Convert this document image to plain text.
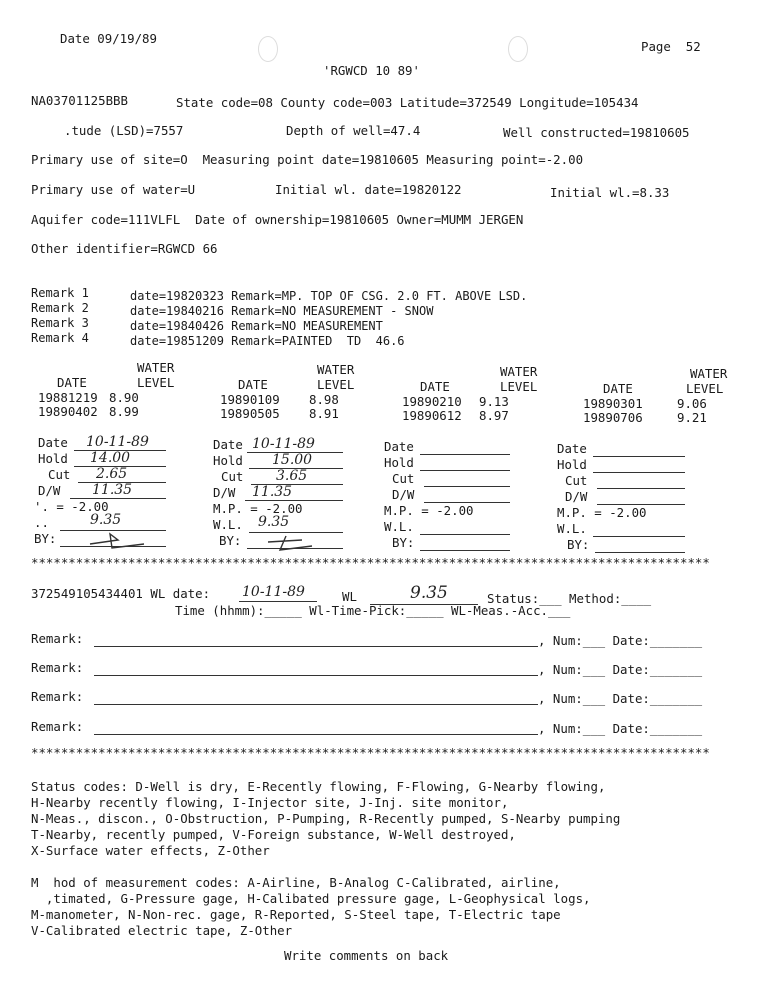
Date 09/19/89
Page  52
'RGWCD 10 89'
NA03701125BBB	State code=08 County code=003 Latitude=372549 Longitude=105434
.tude (LSD)=7557	Depth of well=47.4	Well constructed=19810605
Primary use of site=O  Measuring point date=19810605 Measuring point=-2.00
Primary use of water=U	Initial wl. date=19820122	Initial wl.=8.33
Aquifer code=111VLFL  Date of ownership=19810605 Owner=MUMM JERGEN
Other identifier=RGWCD 66
Remark 1	date=19820323 Remark=MP. TOP OF CSG. 2.0 FT. ABOVE LSD.
Remark 2	date=19840216 Remark=NO MEASUREMENT - SNOW
Remark 3	date=19840426 Remark=NO MEASUREMENT
Remark 4	date=19851209 Remark=PAINTED  TD  46.6
WATER	WATER	WATER	WATER
DATE	LEVEL	DATE	LEVEL	DATE	LEVEL	DATE	LEVEL
19881219 8.90
19890402 8.99
19890109 8.98
19890505 8.91
19890210 9.13
19890612 8.97
19890301	9.06
19890706	9.21
Date 10-11-89
Hold 14.00
Cut 2.65
D/W 11.35
'. = -2.00
..	9.35
BY:
Date 10-11-89
Hold 15.00
Cut 3.65
D/W 11.35
M.P. = -2.00
W.L. 9.35
BY:
Date
Hold
Cut
D/W
M.P. = -2.00
W.L.
BY:
Date
Hold
Cut
D/W
M.P. = -2.00
W.L.
BY:
*******************************************************************************************
372549105434401 WL date: 10-11-89	WL	9.35	Status:___ Method:____
Time (hhmm):_____ Wl-Time-Pick:_____ WL-Meas.-Acc.___
Remark:	, Num:___ Date:_______
Remark:	, Num:___ Date:_______
Remark:	, Num:___ Date:_______
Remark:	, Num:___ Date:_______
*******************************************************************************************
Status codes: D-Well is dry, E-Recently flowing, F-Flowing, G-Nearby flowing,
H-Nearby recently flowing, I-Injector site, J-Inj. site monitor,
N-Meas., discon., O-Obstruction, P-Pumping, R-Recently pumped, S-Nearby pumping
T-Nearby, recently pumped, V-Foreign substance, W-Well destroyed,
X-Surface water effects, Z-Other
M  hod of measurement codes: A-Airline, B-Analog C-Calibrated, airline,
,timated, G-Pressure gage, H-Calibated pressure gage, L-Geophysical logs,
M-manometer, N-Non-rec. gage, R-Reported, S-Steel tape, T-Electric tape
V-Calibrated electric tape, Z-Other
Write comments on back
